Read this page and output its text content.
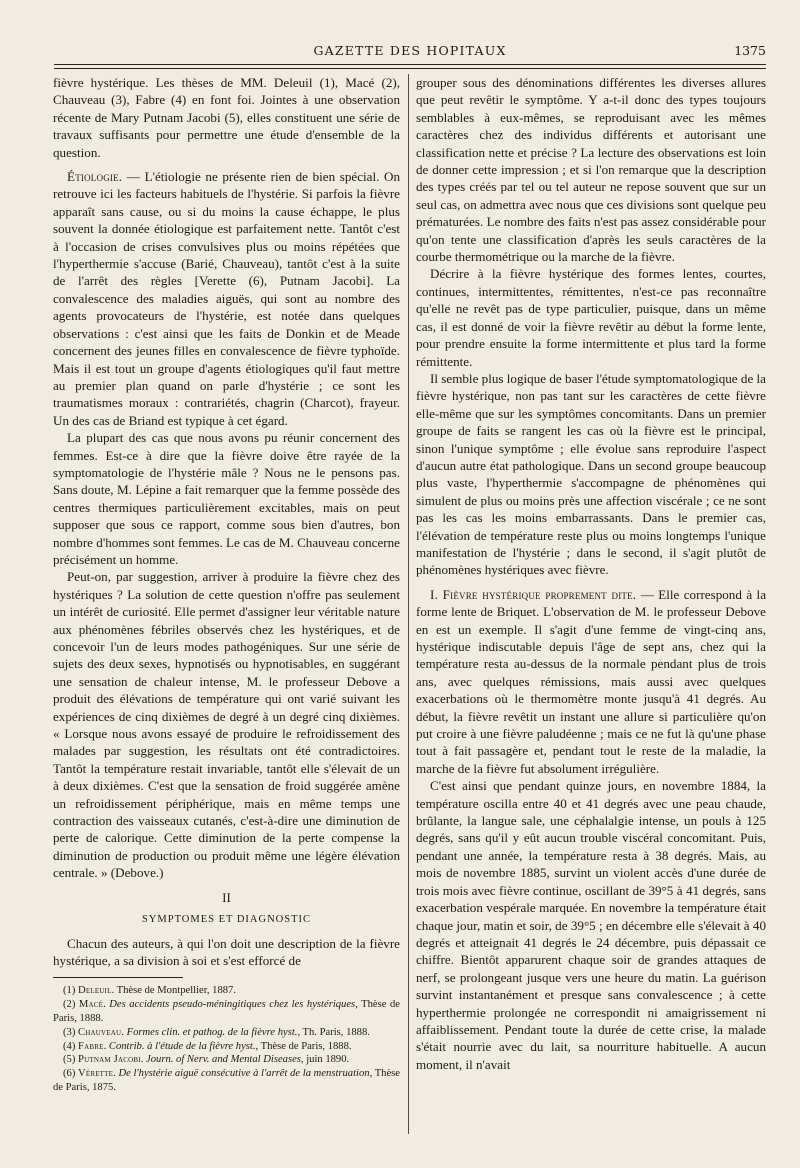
GAZETTE DES HOPITAUX	1375

fièvre hystérique. Les thèses de MM. Deleuil (1), Macé (2), Chauveau (3), Fabre (4) en font foi. Jointes à une observation récente de Mary Putnam Jacobi (5), elles constituent une série de travaux suffisants pour permettre une étude d'ensemble de la question.

Étiologie. — L'étiologie ne présente rien de bien spécial. On retrouve ici les facteurs habituels de l'hystérie. Si parfois la fièvre apparaît sans cause, ou si du moins la cause échappe, le plus souvent la donnée étiologique est parfaitement nette. Tantôt c'est à l'occasion de crises convulsives plus ou moins répétées que l'hyperthermie s'accuse (Barié, Chauveau), tantôt c'est à la suite de l'arrêt des règles [Verette (6), Putnam Jacobi]. La convalescence des maladies aiguës, qui sont au nombre des agents provocateurs de l'hystérie, est notée dans quelques observations : c'est ainsi que les faits de Donkin et de Meade concernent des jeunes filles en convalescence de fièvre typhoïde. Mais il est tout un groupe d'agents étiologiques qu'il faut mettre au premier plan quand on parle d'hystérie ; ce sont les traumatismes moraux : contrariétés, chagrin (Charcot), frayeur. Un des cas de Briand est typique à cet égard.

La plupart des cas que nous avons pu réunir concernent des femmes. Est-ce à dire que la fièvre doive être rayée de la symptomatologie de l'hystérie mâle ? Nous ne le pensons pas. Sans doute, M. Lépine a fait remarquer que la femme possède des centres thermiques particulièrement excitables, mais on peut supposer que sous ce rapport, comme sous bien d'autres, bon nombre d'hommes sont femmes. Le cas de M. Chauveau concerne précisément un homme.

Peut-on, par suggestion, arriver à produire la fièvre chez des hystériques ? La solution de cette question n'offre pas seulement un intérêt de curiosité. Elle permet d'assigner leur véritable nature aux phénomènes fébriles observés chez les hystériques, et de concevoir l'un de leurs modes pathogéniques. Sur une série de sujets des deux sexes, hypnotisés ou hypnotisables, en suggérant une sensation de chaleur intense, M. le professeur Debove a produit des élévations de température qui ont varié suivant les expériences de cinq dixièmes de degré à un degré cinq dixièmes. « Lorsque nous avons essayé de produire le refroidissement des malades par suggestion, les résultats ont été contradictoires. Tantôt la température restait invariable, tantôt elle s'élevait de un à deux dixièmes. C'est que la sensation de froid suggérée amène un refroidissement périphérique, mais en même temps une contraction des vaisseaux cutanés, c'est-à-dire une diminution de perte de calorique. Cette diminution de la perte compense la diminution de production ou produit même une légère élévation centrale. » (Debove.)

II
SYMPTOMES ET DIAGNOSTIC

Chacun des auteurs, à qui l'on doit une description de la fièvre hystérique, a sa division à soi et s'est efforcé de

(1) Deleuil. Thèse de Montpellier, 1887.

(2) Macé. Des accidents pseudo-méningitiques chez les hystériques, Thèse de Paris, 1888.

(3) Chauveau. Formes clin. et pathog. de la fièvre hyst., Th. Paris, 1888.

(4) Fabre. Contrib. à l'étude de la fièvre hyst., Thèse de Paris, 1888.

(5) Putnam Jacobi. Journ. of Nerv. and Mental Diseases, juin 1890.

(6) Vérette. De l'hystérie aiguë consécutive à l'arrêt de la menstruation, Thèse de Paris, 1875.

grouper sous des dénominations différentes les diverses allures que peut revêtir le symptôme. Y a-t-il donc des types toujours semblables à eux-mêmes, se reproduisant avec les mêmes caractères chez des individus différents et autorisant une classification nette et précise ? La lecture des observations est loin de donner cette impression ; et si l'on remarque que la description des types créés par tel ou tel auteur ne repose souvent que sur un seul cas, on admettra avec nous que ces divisions sont quelque peu prématurées. Le nombre des faits n'est pas assez considérable pour qu'on tente une classification d'après les seuls caractères de la courbe thermométrique ou la marche de la fièvre.

Décrire à la fièvre hystérique des formes lentes, courtes, continues, intermittentes, rémittentes, n'est-ce pas reconnaître qu'elle ne revêt pas de type particulier, puisque, dans un même cas, il est donné de voir la fièvre revêtir au début la forme lente, pour prendre ensuite la forme intermittente et plus tard la forme rémittente.

Il semble plus logique de baser l'étude symptomatologique de la fièvre hystérique, non pas tant sur les caractères de cette fièvre elle-même que sur les symptômes concomitants. Dans un premier groupe de faits se rangent les cas où la fièvre est le principal, sinon l'unique symptôme ; elle évolue sans reproduire l'aspect d'aucun autre état pathologique. Dans un second groupe beaucoup plus vaste, l'hyperthermie s'accompagne de phénomènes qui simulent de plus ou moins près une affection viscérale ; ce ne sont pas les cas les moins embarrassants. Dans le premier cas, l'élévation de température reste plus ou moins longtemps l'unique manifestation de l'hystérie ; dans le second, il s'agit plutôt de phénomènes hystériques avec fièvre.

I. Fièvre hystérique proprement dite. — Elle correspond à la forme lente de Briquet. L'observation de M. le professeur Debove en est un exemple. Il s'agit d'une femme de vingt-cinq ans, hystérique indiscutable depuis l'âge de sept ans, chez qui la température resta au-dessus de la normale pendant plus de trois ans, avec quelques rémissions, mais aussi avec quelques exacerbations où le thermomètre monte jusqu'à 41 degrés. Au début, la fièvre revêtit un instant une allure si particulière qu'on put croire à une fièvre paludéenne ; mais ce ne fut là qu'une phase tout à fait passagère et, pendant tout le reste de la maladie, la marche de la fièvre fut absolument irrégulière.

C'est ainsi que pendant quinze jours, en novembre 1884, la température oscilla entre 40 et 41 degrés avec une peau chaude, brûlante, la langue sale, une céphalalgie intense, un pouls à 125 degrés, sans qu'il y eût aucun trouble viscéral concomitant. Puis, pendant une année, la température resta à 38 degrés. Mais, au mois de novembre 1885, survint un violent accès d'une durée de trois mois avec fièvre continue, oscillant de 39°5 à 41 degrés, sans exacerbation vespérale marquée. En novembre la température était chaque jour, matin et soir, de 39°5 ; en décembre elle s'élevait à 40 degrés et atteignait 41 degrés le 24 décembre, puis dépassait ce chiffre. Bientôt apparurent chaque soir de grandes attaques de nerf, se prolongeant jusque vers une heure du matin. La guérison survint instantanément et presque sans convalescence ; à cette hyperthermie prolongée ne correspondit ni amaigrissement ni affaiblissement. Pendant toute la durée de cette crise, la malade s'était nourrie avec du lait, sa nourriture habituelle. A aucun moment, il n'avait
